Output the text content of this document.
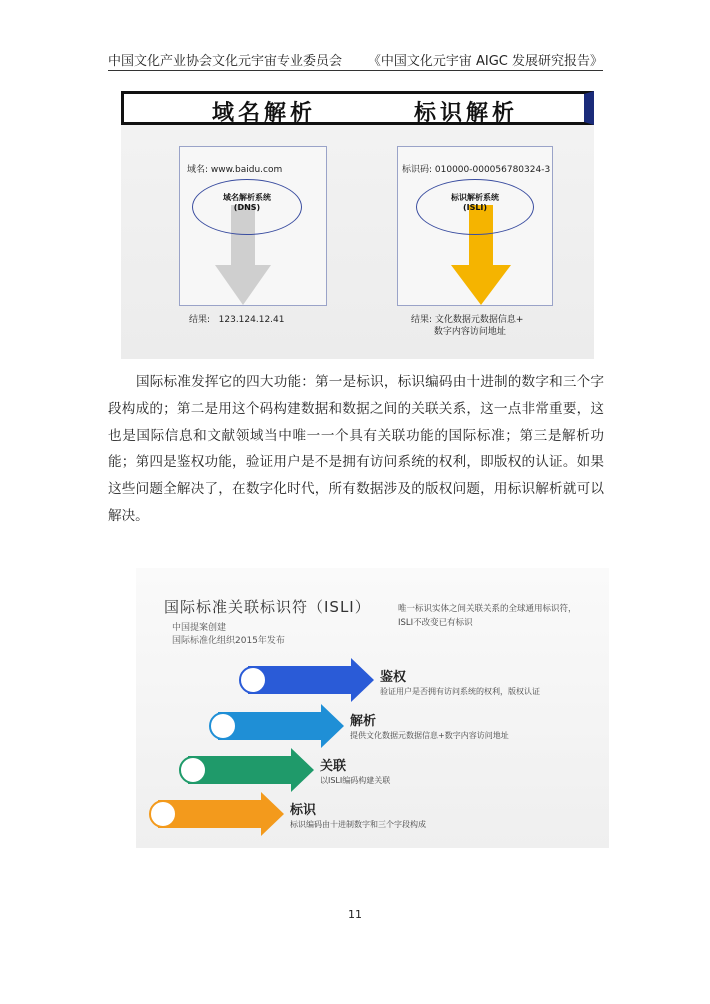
中国文化产业协会文化元宇宙专业委员会 《中国文化元宇宙 AIGC 发展研究报告》
域名解析	标识解析
域名: www.baidu.com
域名解析系统
(DNS)
结果: 123.124.12.41
标识码: 010000-000056780324-3
标识解析系统
(ISLI)
结果: 文化数据元数据信息+
数字内容访问地址
国际标准发挥它的四大功能：第一是标识，标识编码由十进制的数字和三个字段构成的；第二是用这个码构建数据和数据之间的关联关系，这一点非常重要，这也是国际信息和文献领域当中唯一一个具有关联功能的国际标准；第三是解析功能；第四是鉴权功能，验证用户是不是拥有访问系统的权利，即版权的认证。如果这些问题全解决了，在数字化时代，所有数据涉及的版权问题，用标识解析就可以解决。
国际标准关联标识符（ISLI）
中国提案创建
国际标准化组织2015年发布
唯一标识实体之间关联关系的全球通用标识符，ISLI不改变已有标识
鉴权
验证用户是否拥有访问系统的权利，版权认证
解析
提供文化数据元数据信息+数字内容访问地址
关联
以ISLI编码构建关联
标识
标识编码由十进制数字和三个字段构成
11
